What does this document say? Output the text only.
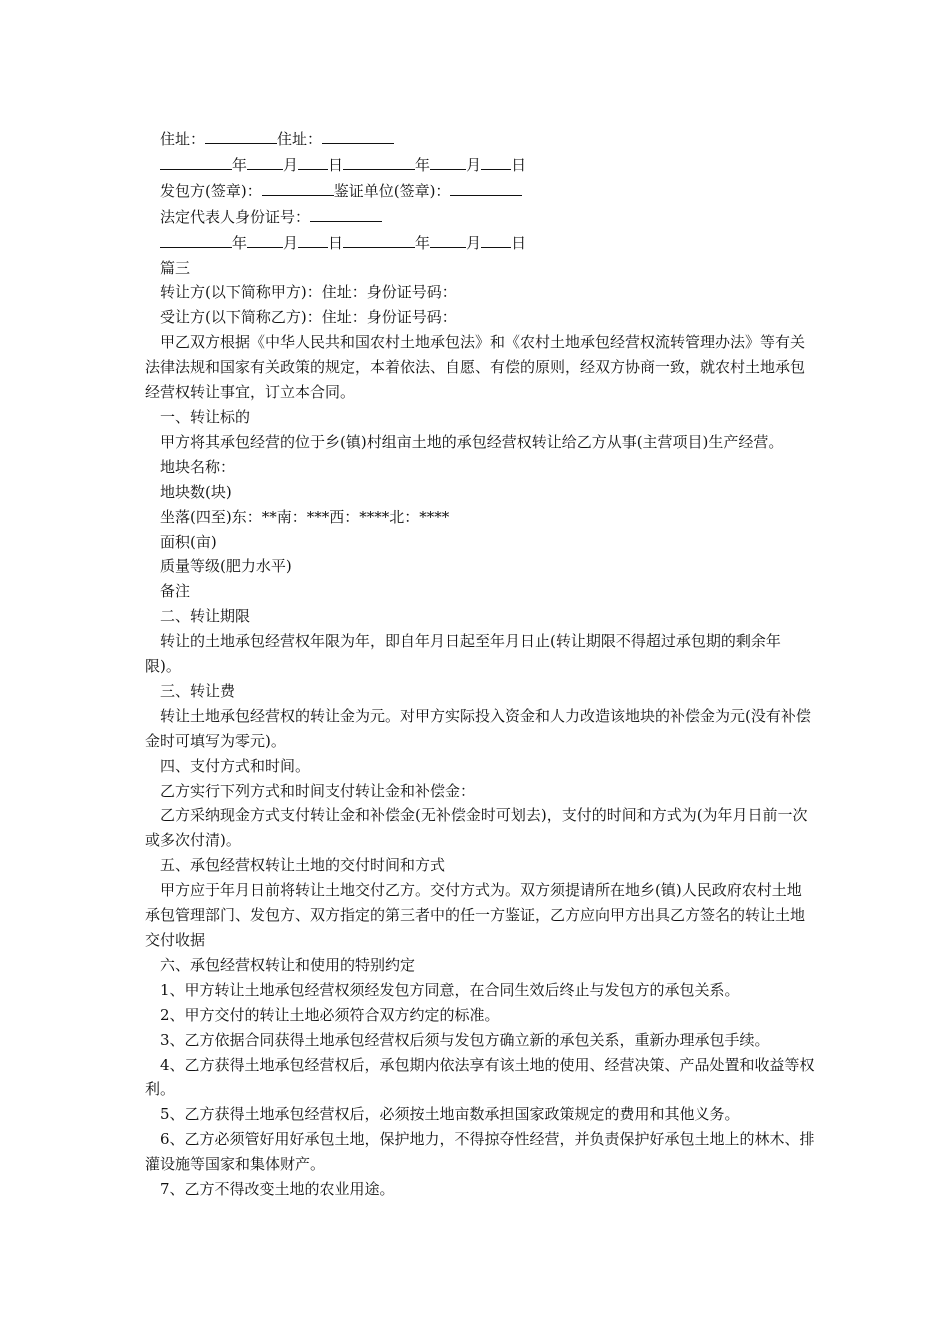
住址：	住址：
年 月 日	年 月 日
发包方(签章)：	鉴证单位(签章)：
法定代表人身份证号：
年 月 日	年 月 日
篇三
转让方(以下简称甲方)：住址：身份证号码：
受让方(以下简称乙方)：住址：身份证号码：

甲乙双方根据《中华人民共和国农村土地承包法》和《农村土地承包经营权流转管理办法》等有关法律法规和国家有关政策的规定，本着依法、自愿、有偿的原则，经双方协商一致，就农村土地承包经营权转让事宜，订立本合同。

一、转让标的

甲方将其承包经营的位于乡(镇)村组亩土地的承包经营权转让给乙方从事(主营项目)生产经营。

地块名称：
地块数(块)
坐落(四至)东：**南：***西：****北：****
面积(亩)
质量等级(肥力水平)
备注
二、转让期限

转让的土地承包经营权年限为年，即自年月日起至年月日止(转让期限不得超过承包期的剩余年限)。

三、转让费

转让土地承包经营权的转让金为元。对甲方实际投入资金和人力改造该地块的补偿金为元(没有补偿金时可填写为零元)。

四、支付方式和时间。

乙方实行下列方式和时间支付转让金和补偿金：

乙方采纳现金方式支付转让金和补偿金(无补偿金时可划去)，支付的时间和方式为(为年月日前一次或多次付清)。

五、承包经营权转让土地的交付时间和方式

甲方应于年月日前将转让土地交付乙方。交付方式为。双方须提请所在地乡(镇)人民政府农村土地承包管理部门、发包方、双方指定的第三者中的任一方鉴证，乙方应向甲方出具乙方签名的转让土地交付收据

六、承包经营权转让和使用的特别约定

1、甲方转让土地承包经营权须经发包方同意，在合同生效后终止与发包方的承包关系。

2、甲方交付的转让土地必须符合双方约定的标准。

3、乙方依据合同获得土地承包经营权后须与发包方确立新的承包关系，重新办理承包手续。

4、乙方获得土地承包经营权后，承包期内依法享有该土地的使用、经营决策、产品处置和收益等权利。

5、乙方获得土地承包经营权后，必须按土地亩数承担国家政策规定的费用和其他义务。

6、乙方必须管好用好承包土地，保护地力，不得掠夺性经营，并负责保护好承包土地上的林木、排灌设施等国家和集体财产。

7、乙方不得改变土地的农业用途。
